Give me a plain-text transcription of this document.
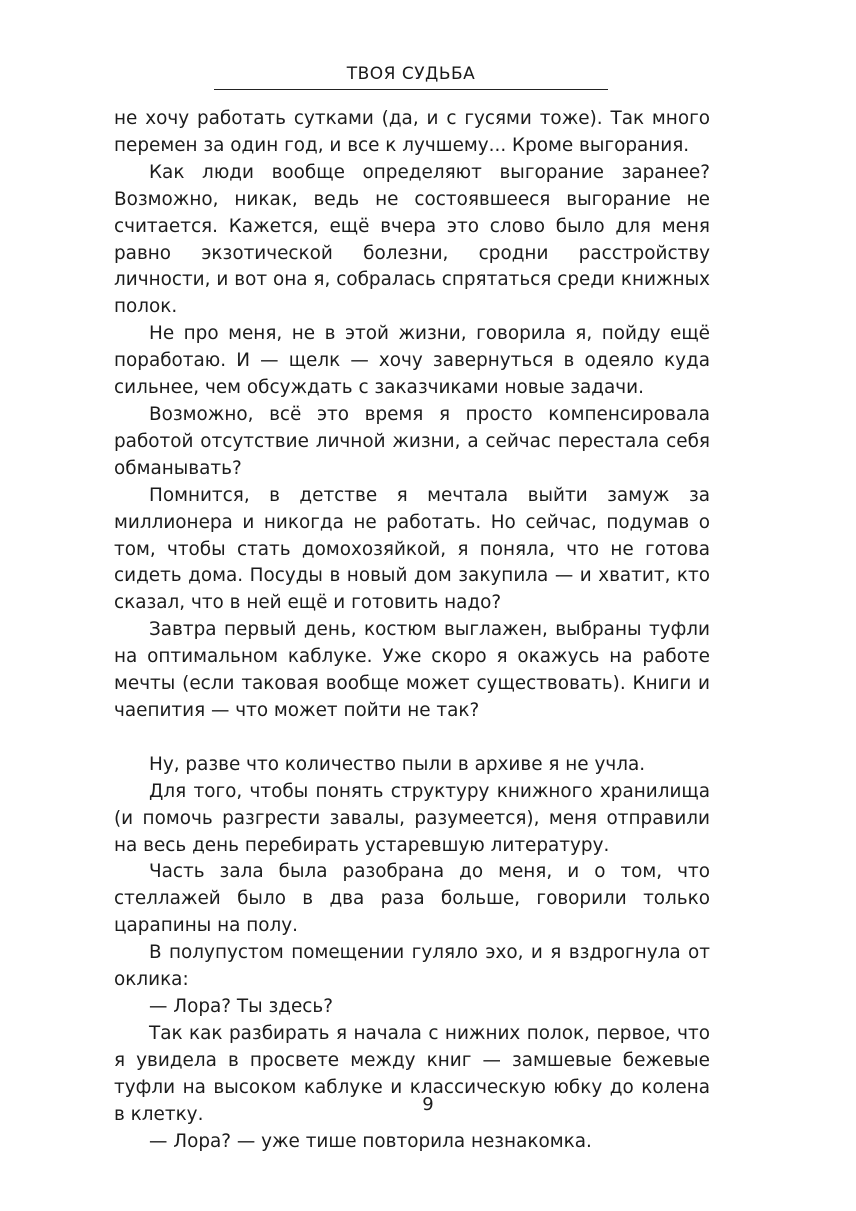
ТВОЯ СУДЬБА

не хочу работать сутками (да, и с гусями тоже). Так много перемен за один год, и все к лучшему... Кроме выгорания.

Как люди вообще определяют выгорание заранее? Возможно, никак, ведь не состоявшееся выгорание не считается. Кажется, ещё вчера это слово было для меня равно экзотической болезни, сродни расстройству личности, и вот она я, собралась спрятаться среди книжных полок.

Не про меня, не в этой жизни, говорила я, пойду ещё поработаю. И — щелк — хочу завернуться в одеяло куда сильнее, чем обсуждать с заказчиками новые задачи.

Возможно, всё это время я просто компенсировала работой отсутствие личной жизни, а сейчас перестала себя обманывать?

Помнится, в детстве я мечтала выйти замуж за миллионера и никогда не работать. Но сейчас, подумав о том, чтобы стать домохозяйкой, я поняла, что не готова сидеть дома. Посуды в новый дом закупила — и хватит, кто сказал, что в ней ещё и готовить надо?

Завтра первый день, костюм выглажен, выбраны туфли на оптимальном каблуке. Уже скоро я окажусь на работе мечты (если таковая вообще может существовать). Книги и чаепития — что может пойти не так?

Ну, разве что количество пыли в архиве я не учла.

Для того, чтобы понять структуру книжного хранилища (и помочь разгрести завалы, разумеется), меня отправили на весь день перебирать устаревшую литературу.

Часть зала была разобрана до меня, и о том, что стеллажей было в два раза больше, говорили только царапины на полу.

В полупустом помещении гуляло эхо, и я вздрогнула от оклика:

— Лора? Ты здесь?

Так как разбирать я начала с нижних полок, первое, что я увидела в просвете между книг — замшевые бежевые туфли на высоком каблуке и классическую юбку до колена в клетку.

— Лора? — уже тише повторила незнакомка.

9
